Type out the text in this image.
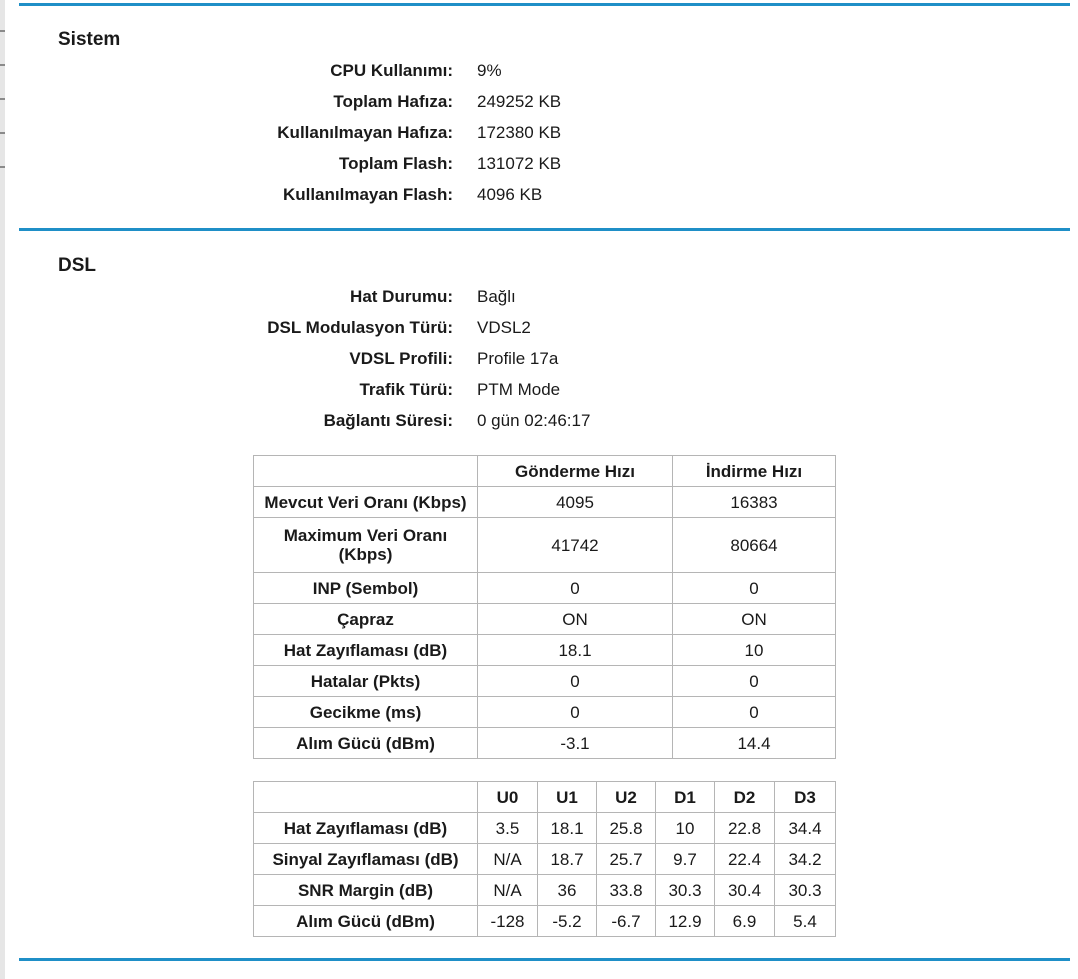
Sistem
CPU Kullanımı: 9%
Toplam Hafıza: 249252 KB
Kullanılmayan Hafıza: 172380 KB
Toplam Flash: 131072 KB
Kullanılmayan Flash: 4096 KB
DSL
Hat Durumu: Bağlı
DSL Modulasyon Türü: VDSL2
VDSL Profili: Profile 17a
Trafik Türü: PTM Mode
Bağlantı Süresi: 0 gün 02:46:17
	Gönderme Hızı	İndirme Hızı
Mevcut Veri Oranı (Kbps)	4095	16383
Maximum Veri Oranı (Kbps)	41742	80664
INP (Sembol)	0	0
Çapraz	ON	ON
Hat Zayıflaması (dB)	18.1	10
Hatalar (Pkts)	0	0
Gecikme (ms)	0	0
Alım Gücü (dBm)	-3.1	14.4
	U0	U1	U2	D1	D2	D3
Hat Zayıflaması (dB)	3.5	18.1	25.8	10	22.8	34.4
Sinyal Zayıflaması (dB)	N/A	18.7	25.7	9.7	22.4	34.2
SNR Margin (dB)	N/A	36	33.8	30.3	30.4	30.3
Alım Gücü (dBm)	-128	-5.2	-6.7	12.9	6.9	5.4
